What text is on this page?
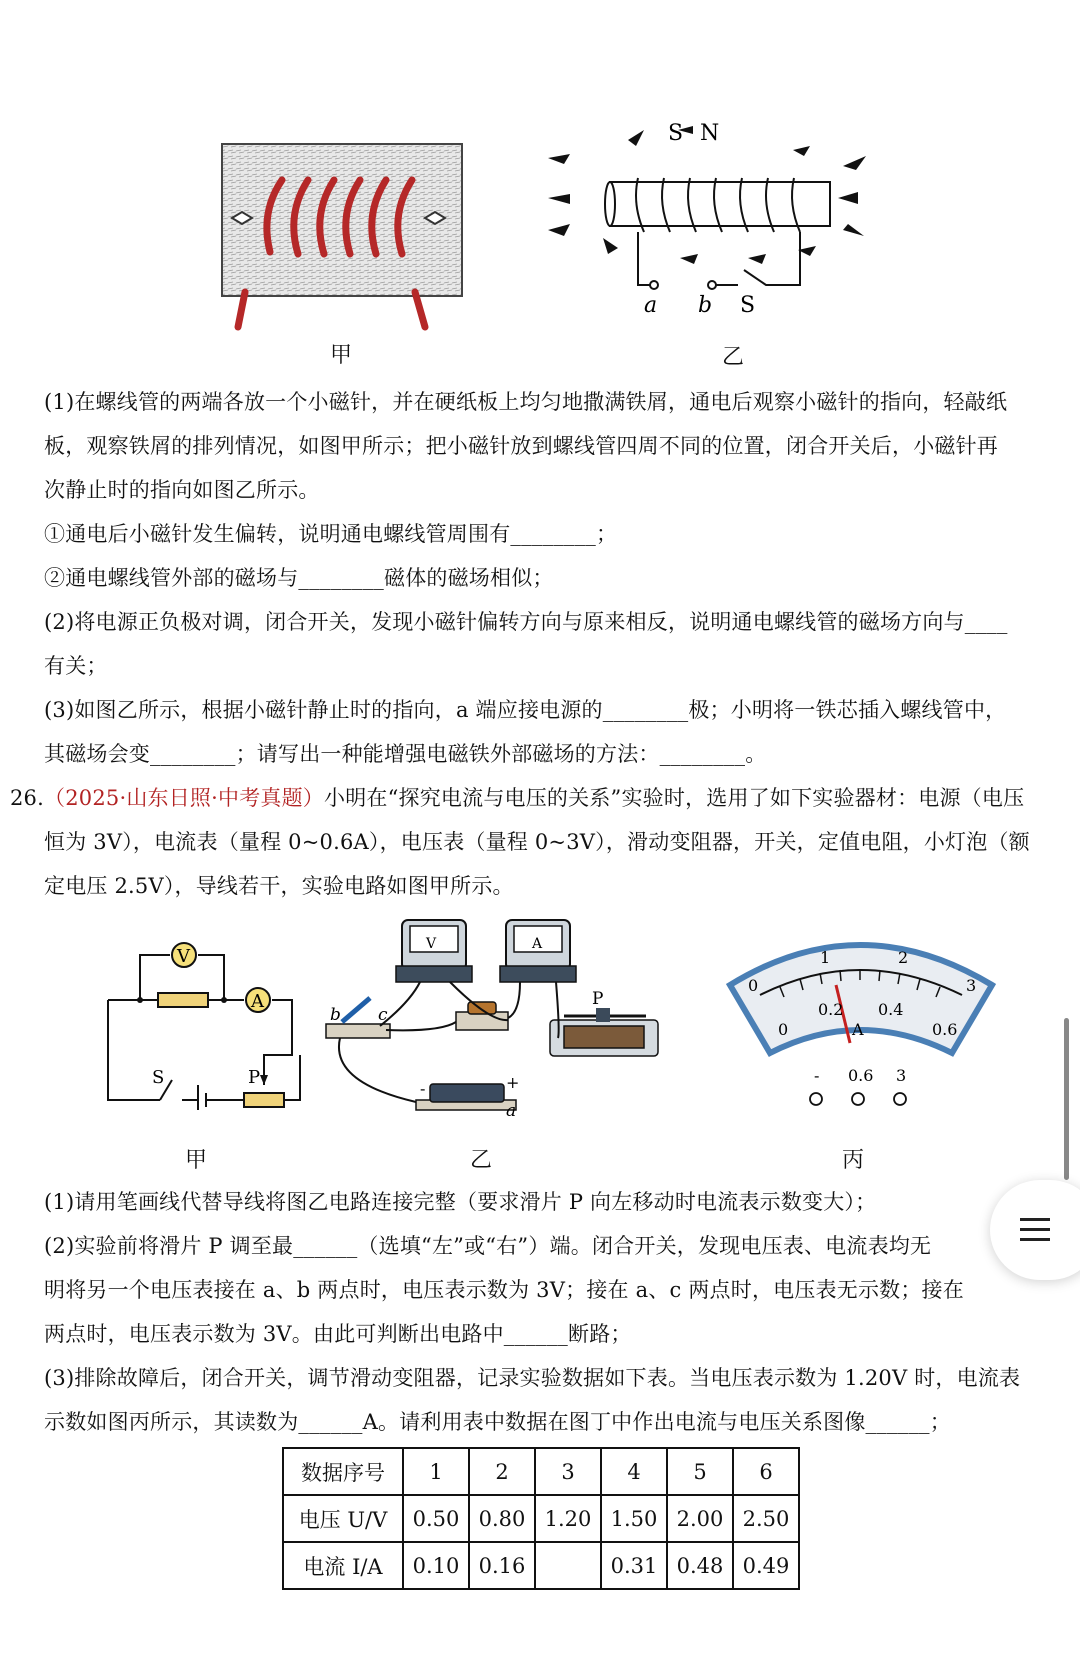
甲
S N
a b S
乙
(1)在螺线管的两端各放一个小磁针，并在硬纸板上均匀地撒满铁屑，通电后观察小磁针的指向，轻敲纸
板，观察铁屑的排列情况，如图甲所示；把小磁针放到螺线管四周不同的位置，闭合开关后，小磁针再
次静止时的指向如图乙所示。
①通电后小磁针发生偏转，说明通电螺线管周围有________；
②通电螺线管外部的磁场与________磁体的磁场相似；
(2)将电源正负极对调，闭合开关，发现小磁针偏转方向与原来相反，说明通电螺线管的磁场方向与____
有关；
(3)如图乙所示，根据小磁针静止时的指向，a 端应接电源的________极；小明将一铁芯插入螺线管中，
其磁场会变________；请写出一种能增强电磁铁外部磁场的方法：________。
26.（2025·山东日照·中考真题）小明在“探究电流与电压的关系”实验时，选用了如下实验器材：电源（电压
恒为 3V），电流表（量程 0~0.6A），电压表（量程 0~3V），滑动变阻器，开关，定值电阻，小灯泡（额
定电压 2.5V），导线若干，实验电路如图甲所示。
V
A
S	P
甲
V	A
b c
P
-	+
a
乙
0
1	2
3
0
0.2 0.4
0.6
A
- 0.6 3
丙
(1)请用笔画线代替导线将图乙电路连接完整（要求滑片 P 向左移动时电流表示数变大）；
(2)实验前将滑片 P 调至最______（选填“左”或“右”）端。闭合开关，发现电压表、电流表均无
明将另一个电压表接在 a、b 两点时，电压表示数为 3V；接在 a、c 两点时，电压表无示数；接在
两点时，电压表示数为 3V。由此可判断出电路中______断路；
(3)排除故障后，闭合开关，调节滑动变阻器，记录实验数据如下表。当电压表示数为 1.20V 时，电流表
示数如图丙所示，其读数为______A。请利用表中数据在图丁中作出电流与电压关系图像______；
数据序号	1	2	3	4	5	6
电压 U/V	0.50	0.80	1.20	1.50	2.00	2.50
电流 I/A	0.10	0.16		0.31	0.48	0.49
